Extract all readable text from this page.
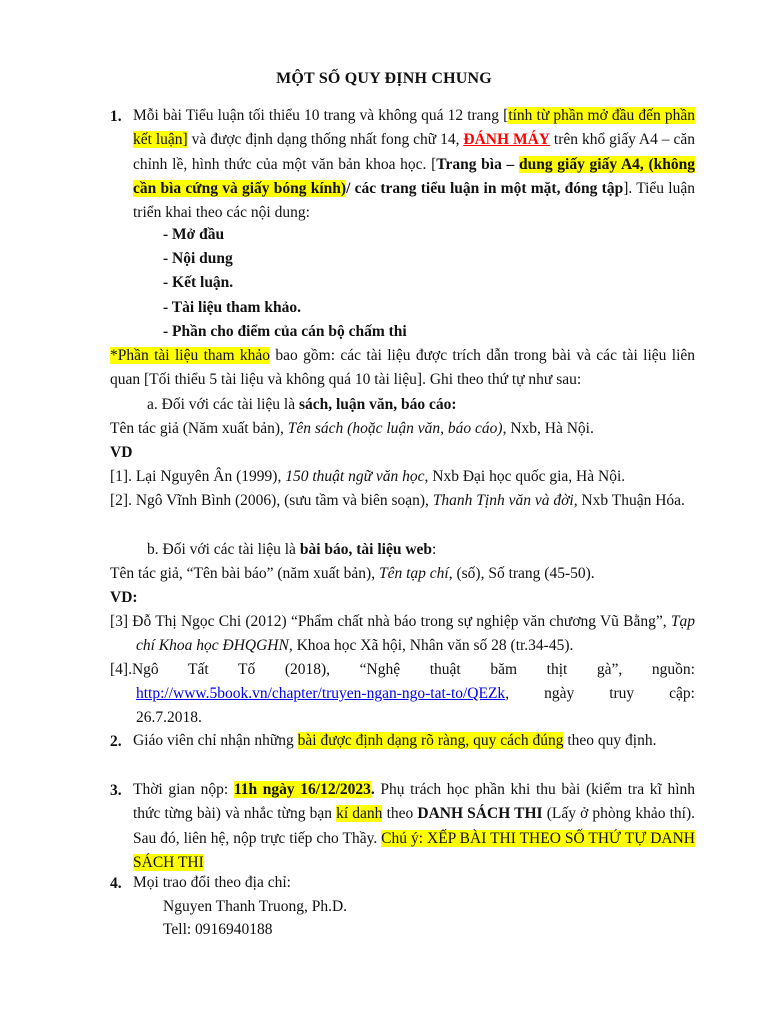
MỘT SỐ QUY ĐỊNH CHUNG
1. Mỗi bài Tiểu luận tối thiểu 10 trang và không quá 12 trang [tính từ phần mở đầu đến phần kết luận] và được định dạng thống nhất fong chữ 14, ĐÁNH MÁY trên khổ giấy A4 – căn chỉnh lề, hình thức của một văn bản khoa học. [Trang bìa – dung giấy giấy A4, (không cần bìa cứng và giấy bóng kính)/ các trang tiểu luận in một mặt, đóng tập]. Tiểu luận triển khai theo các nội dung:
- Mở đầu
- Nội dung
- Kết luận.
- Tài liệu tham khảo.
- Phần cho điểm của cán bộ chấm thi
*Phần tài liệu tham khảo bao gồm: các tài liệu được trích dẫn trong bài và các tài liệu liên quan [Tối thiểu 5 tài liệu và không quá 10 tài liệu]. Ghi theo thứ tự như sau:
a. Đối với các tài liệu là sách, luận văn, báo cáo:
Tên tác giả (Năm xuất bản), Tên sách (hoặc luận văn, báo cáo), Nxb, Hà Nội.
VD
[1]. Lại Nguyên Ân (1999), 150 thuật ngữ văn học, Nxb Đại học quốc gia, Hà Nội.
[2]. Ngô Vĩnh Bình (2006), (sưu tầm và biên soạn), Thanh Tịnh văn và đời, Nxb Thuận Hóa.
b. Đối với các tài liệu là bài báo, tài liệu web:
Tên tác giả, “Tên bài báo” (năm xuất bản), Tên tạp chí, (số), Số trang (45-50).
VD:
[3] Đỗ Thị Ngọc Chi (2012) “Phẩm chất nhà báo trong sự nghiệp văn chương Vũ Bằng”, Tạp chí Khoa học ĐHQGHN, Khoa học Xã hội, Nhân văn số 28 (tr.34-45).
[4].Ngô Tất Tố (2018), “Nghệ thuật băm thịt gà”, nguồn:
http://www.5book.vn/chapter/truyen-ngan-ngo-tat-to/QEZk, ngày truy cập:
26.7.2018.
2. Giáo viên chỉ nhận những bài được định dạng rõ ràng, quy cách đúng theo quy định.
3. Thời gian nộp: 11h ngày 16/12/2023. Phụ trách học phần khi thu bài (kiểm tra kĩ hình thức từng bài) và nhắc từng bạn kí danh theo DANH SÁCH THI (Lấy ở phòng khảo thí). Sau đó, liên hệ, nộp trực tiếp cho Thầy. Chú ý: XẾP BÀI THI THEO SỐ THỨ TỰ DANH SÁCH THI
4. Mọi trao đổi theo địa chỉ:
Nguyen Thanh Truong, Ph.D.
Tell: 0916940188
